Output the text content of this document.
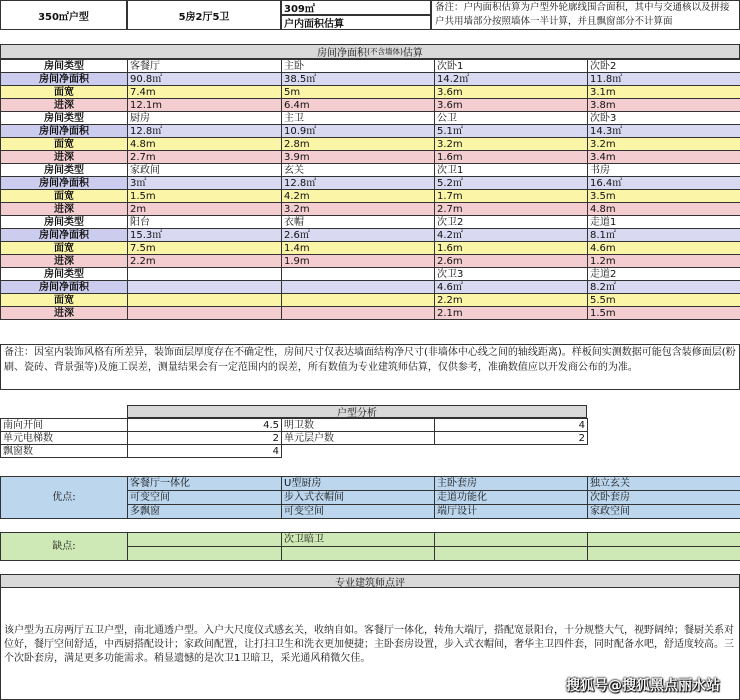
350㎡户型	5房2厅5卫
309㎡
户内面积估算
备注：户内面积估算为户型外轮廓线围合面积，其中与交通核以及拼接户共用墙部分按照墙体一半计算，并且飘窗部分不计算面
房间净面积 (不含墙体) 估算
房间类型	客餐厅	主卧	次卧1	次卧2
房间净面积	90.8㎡	38.5㎡	14.2㎡	11.8㎡
面宽	7.4m	5m	3.6m	3.1m
进深	12.1m	6.4m	3.6m	3.8m
房间类型	厨房	主卫	公卫	次卧3
房间净面积	12.8㎡	10.9㎡	5.1㎡	14.3㎡
面宽	4.8m	2.8m	3.2m	3.2m
进深	2.7m	3.9m	1.6m	3.4m
房间类型	家政间	玄关	次卫1	书房
房间净面积	3㎡	12.8㎡	5.2㎡	16.4㎡
面宽	1.5m	4.2m	1.7m	3.5m
进深	2m	3.2m	2.7m	4.8m
房间类型	阳台	衣帽	次卫2	走道1
房间净面积	15.3㎡	2.6㎡	4.2㎡	8.1㎡
面宽	7.5m	1.4m	1.6m	4.6m
进深	2.2m	1.9m	2.6m	1.2m
房间类型			次卫3	走道2
房间净面积			4.6㎡	8.2㎡
面宽			2.2m	5.5m
进深			2.1m	1.5m
备注：因室内装饰风格有所差异，装饰面层厚度存在不确定性，房间尺寸仅表达墙面结构净尺寸(非墙体中心线之间的轴线距离)。样板间实测数据可能包含装修面层(粉刷、瓷砖、背景强等)及施工误差，测量结果会有一定范围内的误差，所有数值为专业建筑师估算，仅供参考，准确数值应以开发商公布的为准。
户型分析
南向开间	4.5	明卫数	4
单元电梯数	2	单元层户数	2
飘窗数	4		
优点:	客餐厅一体化	U型厨房	主卧套房	独立玄关
	可变空间	步入式衣帽间	走道功能化	次卧套房
	多飘窗	可变空间	端厅设计	家政空间
缺点:		次卫暗卫		

专业建筑师点评
该户型为五房两厅五卫户型，南北通透户型。入户大尺度仪式感玄关，收纳自如。客餐厅一体化，转角大端厅，搭配宽景阳台，十分规整大气，视野阔绰；餐厨关系对位好，餐厅空间舒适，中西厨搭配设计；家政间配置，让打扫卫生和洗衣更加便捷；主卧套房设置，步入式衣帽间，奢华主卫四件套，同时配备水吧，舒适度较高。三个次卧套房，满足更多功能需求。稍显遗憾的是次卫1卫暗卫，采光通风稍微欠佳。
搜狐号@搜狐黑点丽水站
